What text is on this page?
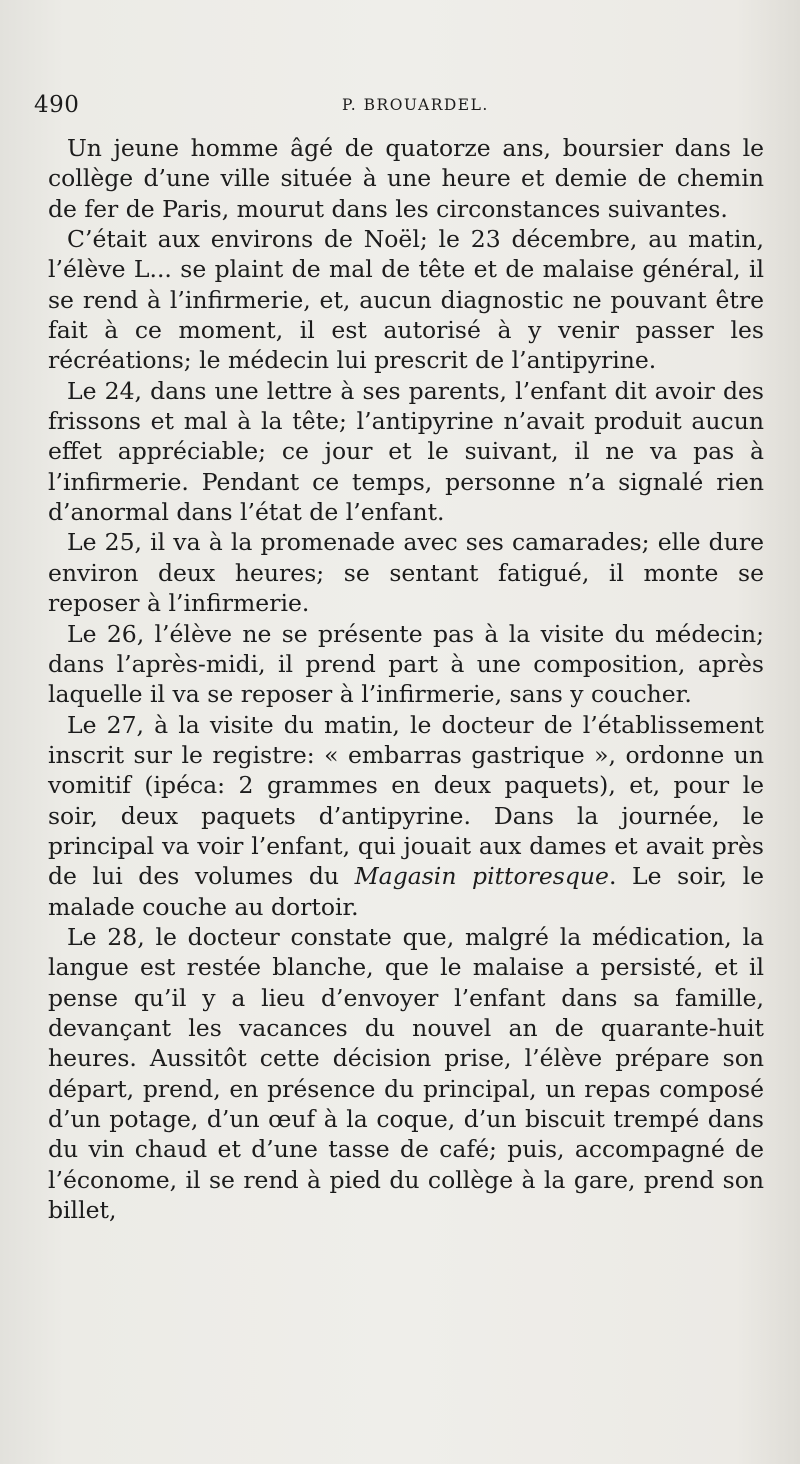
490	P. BROUARDEL.

Un jeune homme âgé de quatorze ans, boursier dans le collège d’une ville située à une heure et demie de chemin de fer de Paris, mourut dans les circonstances suivantes.

C’était aux environs de Noël; le 23 décembre, au matin, l’élève L... se plaint de mal de tête et de malaise général, il se rend à l’infirmerie, et, aucun diagnostic ne pouvant être fait à ce moment, il est autorisé à y venir passer les récréations; le médecin lui prescrit de l’antipyrine.

Le 24, dans une lettre à ses parents, l’enfant dit avoir des frissons et mal à la tête; l’antipyrine n’avait produit aucun effet appréciable; ce jour et le suivant, il ne va pas à l’infirmerie. Pendant ce temps, personne n’a signalé rien d’anormal dans l’état de l’enfant.

Le 25, il va à la promenade avec ses camarades; elle dure environ deux heures; se sentant fatigué, il monte se reposer à l’infirmerie.

Le 26, l’élève ne se présente pas à la visite du médecin; dans l’après-midi, il prend part à une composition, après laquelle il va se reposer à l’infirmerie, sans y coucher.

Le 27, à la visite du matin, le docteur de l’établissement inscrit sur le registre: « embarras gastrique », ordonne un vomitif (ipéca: 2 grammes en deux paquets), et, pour le soir, deux paquets d’antipyrine. Dans la journée, le principal va voir l’enfant, qui jouait aux dames et avait près de lui des volumes du Magasin pittoresque. Le soir, le malade couche au dortoir.

Le 28, le docteur constate que, malgré la médication, la langue est restée blanche, que le malaise a persisté, et il pense qu’il y a lieu d’envoyer l’enfant dans sa famille, devançant les vacances du nouvel an de quarante-huit heures. Aussitôt cette décision prise, l’élève prépare son départ, prend, en présence du principal, un repas composé d’un potage, d’un œuf à la coque, d’un biscuit trempé dans du vin chaud et d’une tasse de café; puis, accompagné de l’économe, il se rend à pied du collège à la gare, prend son billet,
